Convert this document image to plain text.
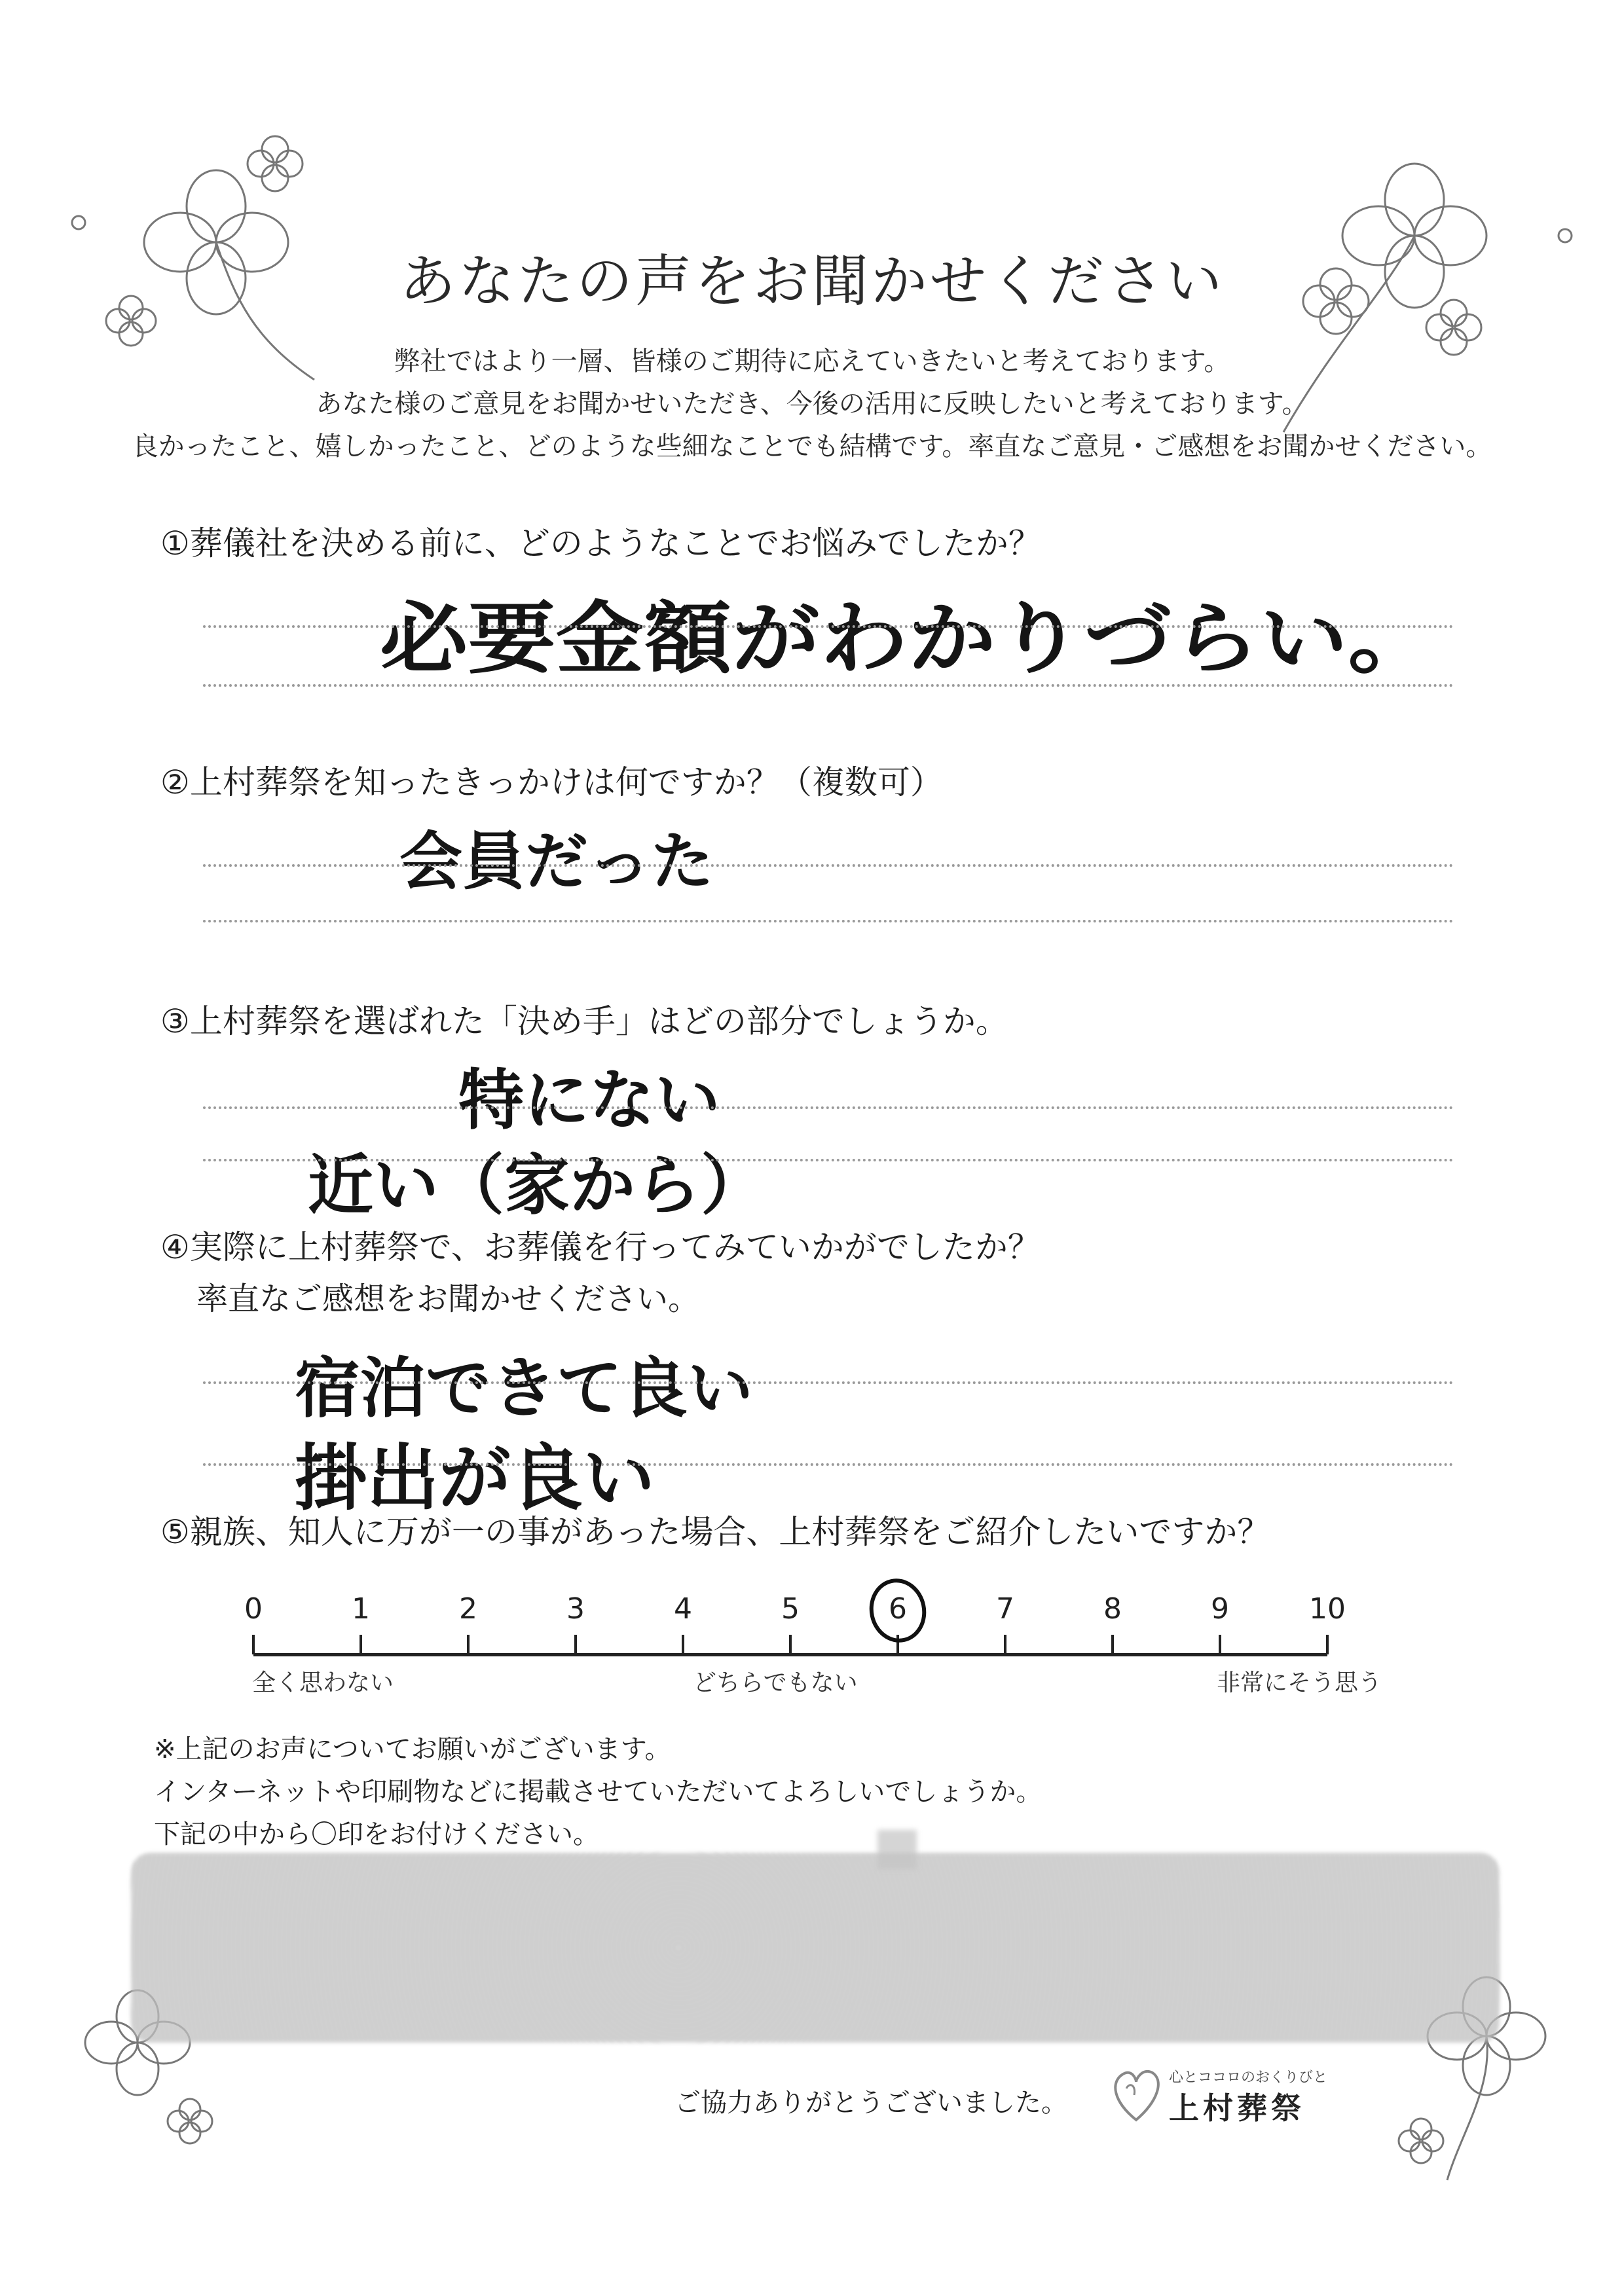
あなたの声をお聞かせください
弊社ではより一層、皆様のご期待に応えていきたいと考えております。
あなた様のご意見をお聞かせいただき、今後の活用に反映したいと考えております。
良かったこと、嬉しかったこと、どのような些細なことでも結構です。率直なご意見・ご感想をお聞かせください。
①葬儀社を決める前に、どのようなことでお悩みでしたか？
必要金額がわかりづらい。
②上村葬祭を知ったきっかけは何ですか？（複数可）
会員だった
③上村葬祭を選ばれた「決め手」はどの部分でしょうか。
特にない
近い（家から）
④実際に上村葬祭で、お葬儀を行ってみていかがでしたか？
率直なご感想をお聞かせください。
宿泊できて良い
掛出が良い
⑤親族、知人に万が一の事があった場合、上村葬祭をご紹介したいですか？
0	1	2	3	4	5	6	7	8	9	10
全く思わない	どちらでもない	非常にそう思う
※上記のお声についてお願いがございます。
インターネットや印刷物などに掲載させていただいてよろしいでしょうか。
下記の中から〇印をお付けください。
ご協力ありがとうございました。
心とココロのおくりびと
上村葬祭
